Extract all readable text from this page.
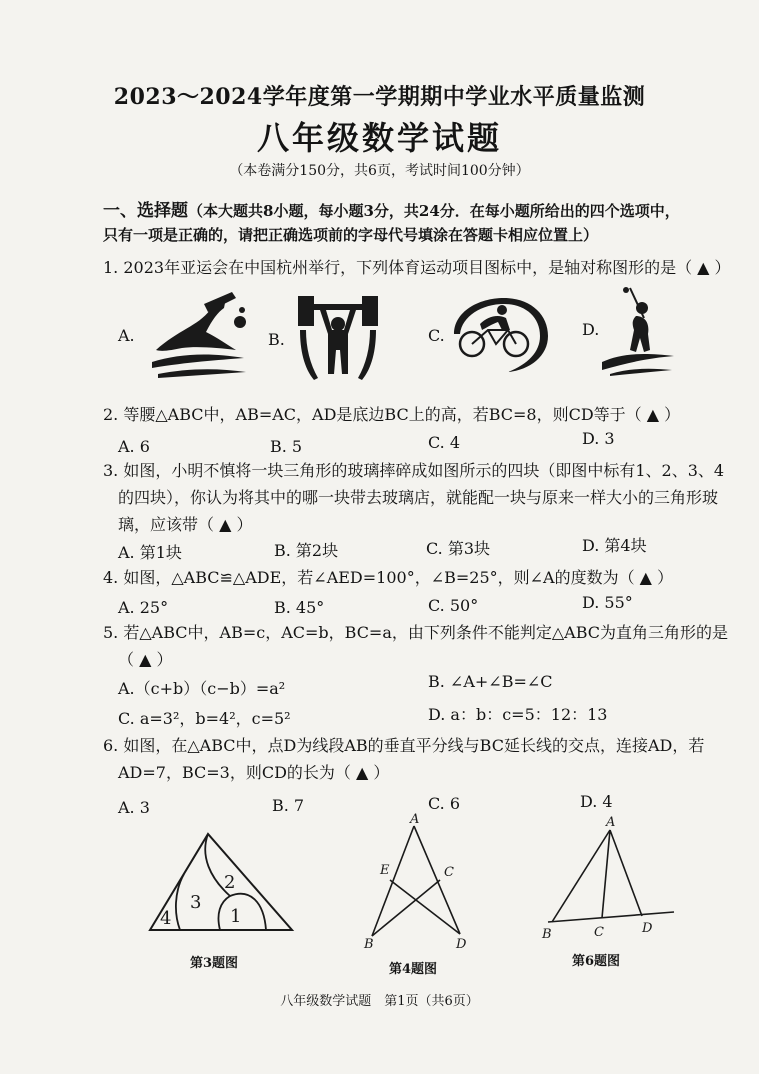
2023～2024学年度第一学期期中学业水平质量监测
八年级数学试题
（本卷满分150分，共6页，考试时间100分钟）
一、选择题（本大题共8小题，每小题3分，共24分．在每小题所给出的四个选项中，
只有一项是正确的，请把正确选项前的字母代号填涂在答题卡相应位置上）
1. 2023年亚运会在中国杭州举行，下列体育运动项目图标中，是轴对称图形的是（ ▲ ）
A.	B.	C.	D.
2. 等腰△ABC中，AB=AC，AD是底边BC上的高，若BC=8，则CD等于（ ▲ ）
A. 6	B. 5	C. 4	D. 3
3. 如图，小明不慎将一块三角形的玻璃摔碎成如图所示的四块（即图中标有1、2、3、4
的四块），你认为将其中的哪一块带去玻璃店，就能配一块与原来一样大小的三角形玻
璃，应该带（ ▲ ）
A. 第1块	B. 第2块	C. 第3块	D. 第4块
4. 如图，△ABC≌△ADE，若∠AED=100°，∠B=25°，则∠A的度数为（ ▲ ）
A. 25°	B. 45°	C. 50°	D. 55°
5. 若△ABC中，AB=c，AC=b，BC=a，由下列条件不能判定△ABC为直角三角形的是
（ ▲ ）
A.（c+b）（c−b）=a²	B. ∠A+∠B=∠C
C. a=3²，b=4²，c=5²	D. a：b：c=5：12：13
6. 如图，在△ABC中，点D为线段AB的垂直平分线与BC延长线的交点，连接AD，若
AD=7，BC=3，则CD的长为（ ▲ ）
A. 3	B. 7	C. 6	D. 4
4
3
2
1
第3题图
A
E	C
B	D
第4题图
A
B	C	D
第6题图
八年级数学试题　第1页（共6页）
